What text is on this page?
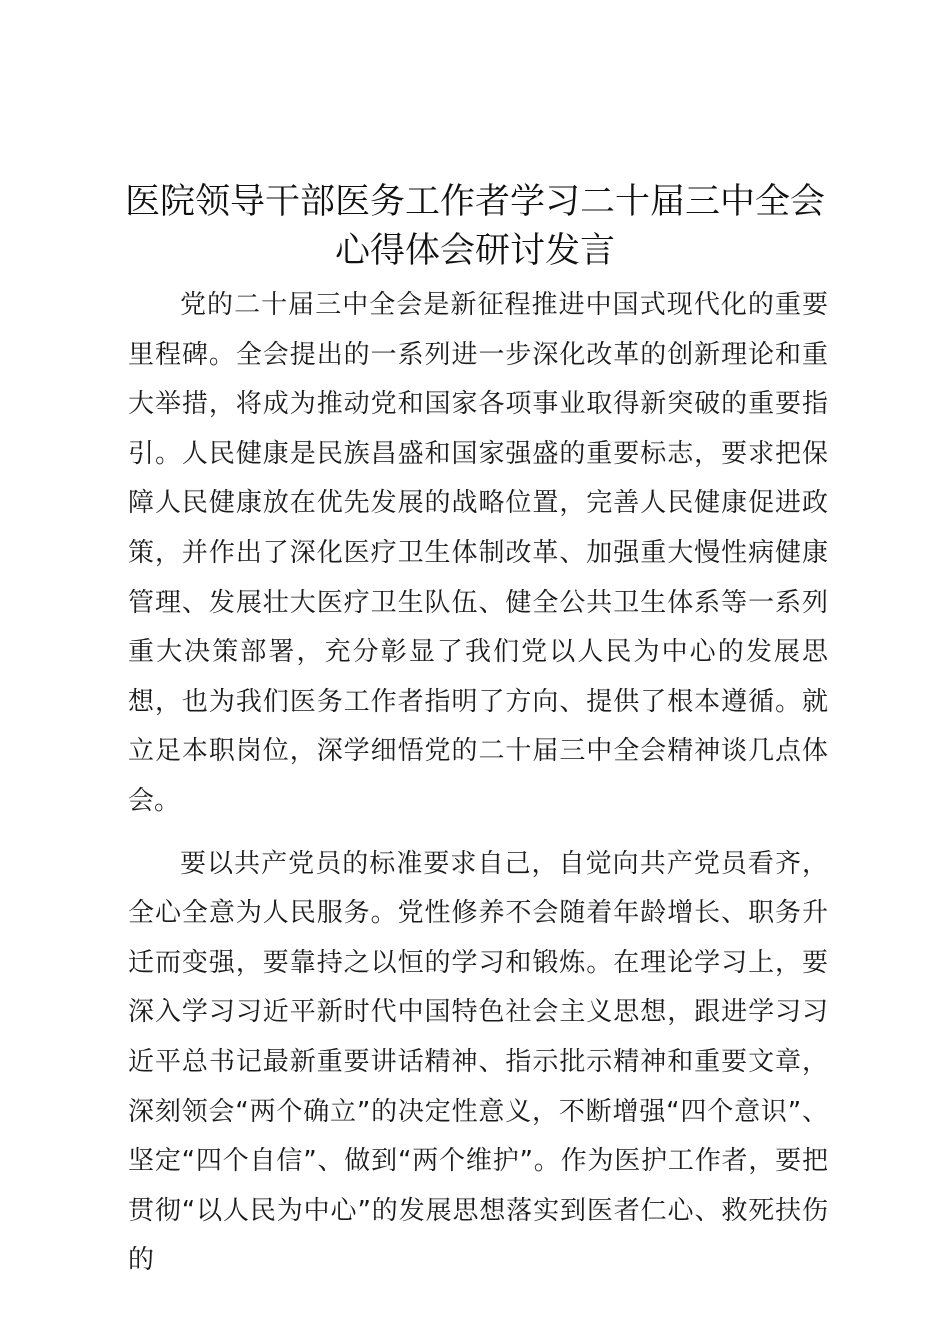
医院领导干部医务工作者学习二十届三中全会
心得体会研讨发言

党的二十届三中全会是新征程推进中国式现代化的重要里程碑。全会提出的一系列进一步深化改革的创新理论和重大举措，将成为推动党和国家各项事业取得新突破的重要指引。人民健康是民族昌盛和国家强盛的重要标志，要求把保障人民健康放在优先发展的战略位置，完善人民健康促进政策，并作出了深化医疗卫生体制改革、加强重大慢性病健康管理、发展壮大医疗卫生队伍、健全公共卫生体系等一系列重大决策部署，充分彰显了我们党以人民为中心的发展思想，也为我们医务工作者指明了方向、提供了根本遵循。就立足本职岗位，深学细悟党的二十届三中全会精神谈几点体会。

要以共产党员的标准要求自己，自觉向共产党员看齐，全心全意为人民服务。党性修养不会随着年龄增长、职务升迁而变强，要靠持之以恒的学习和锻炼。在理论学习上，要深入学习习近平新时代中国特色社会主义思想，跟进学习习近平总书记最新重要讲话精神、指示批示精神和重要文章，深刻领会“两个确立”的决定性意义，不断增强“四个意识”、坚定“四个自信”、做到“两个维护”。作为医护工作者，要把贯彻“以人民为中心”的发展思想落实到医者仁心、救死扶伤的
